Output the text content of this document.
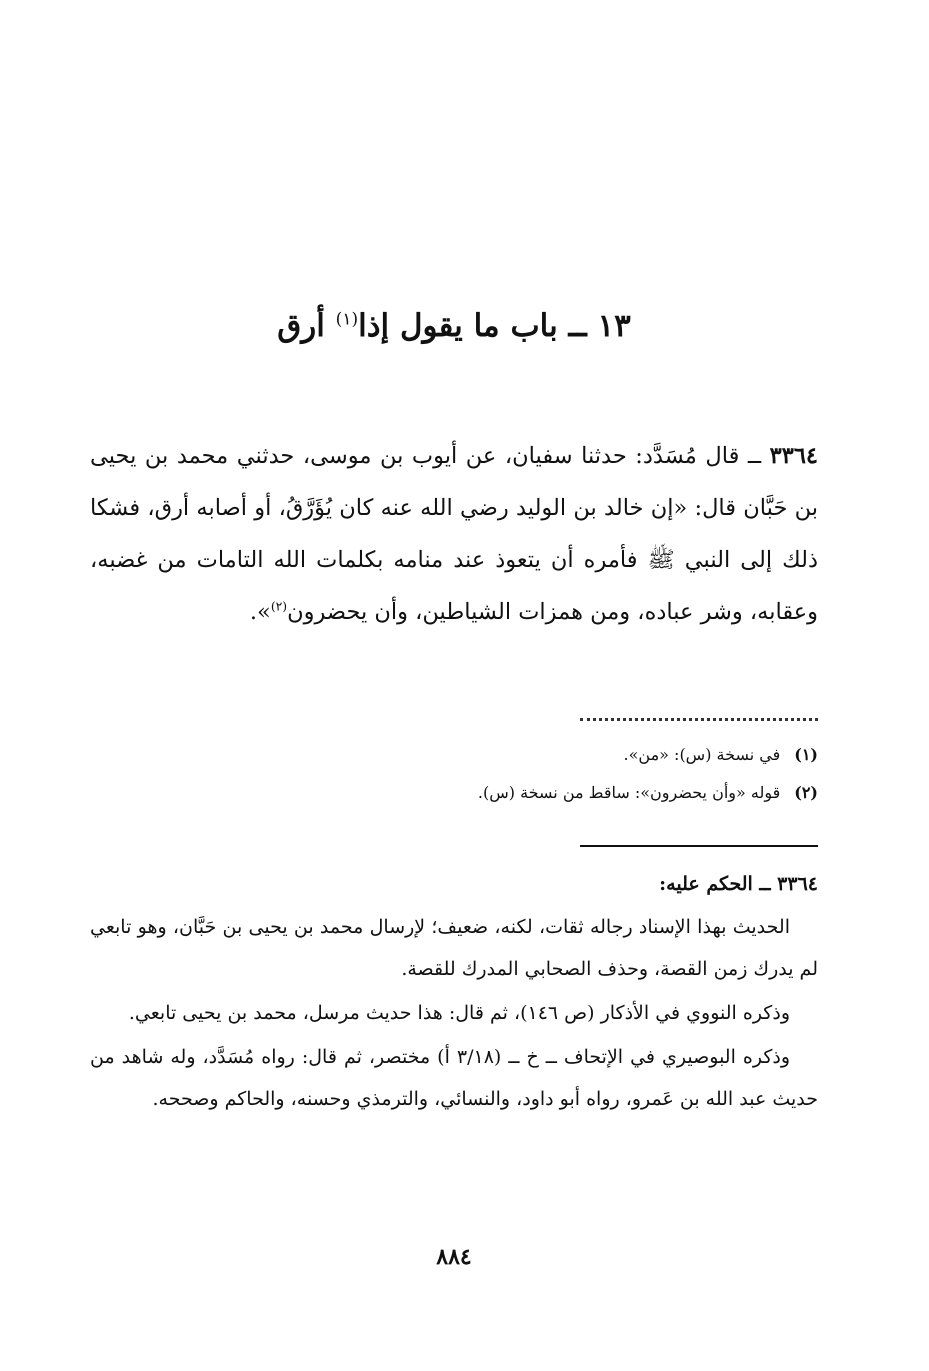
١٣ ــ باب ما يقول إذا$^{(١)}$ أرق

٣٣٦٤ ــ قال مُسَدَّد: حدثنا سفيان، عن أيوب بن موسى، حدثني محمد بن يحيى بن حَبَّان قال: «إن خالد بن الوليد رضي الله عنه كان يُؤَرَّقُ، أو أصابه أرق، فشكا ذلك إلى النبي ﷺ فأمره أن يتعوذ عند منامه بكلمات الله التامات من غضبه، وعقابه، وشر عباده، ومن همزات الشياطين، وأن يحضرون$^{(٢)}$».

(١)في نسخة (س): «من».
(٢)قوله «وأن يحضرون»: ساقط من نسخة (س).
٣٣٦٤ ــ الحكم عليه:

الحديث بهذا الإسناد رجاله ثقات، لكنه، ضعيف؛ لإرسال محمد بن يحيى بن حَبَّان، وهو تابعي لم يدرك زمن القصة، وحذف الصحابي المدرك للقصة.

وذكره النووي في الأذكار (ص ١٤٦)، ثم قال: هذا حديث مرسل، محمد بن يحيى تابعي.

وذكره البوصيري في الإتحاف ــ خ ــ (٣/١٨ أ) مختصر، ثم قال: رواه مُسَدَّد، وله شاهد من حديث عبد الله بن عَمرو، رواه أبو داود، والنسائي، والترمذي وحسنه، والحاكم وصححه.

٨٨٤
